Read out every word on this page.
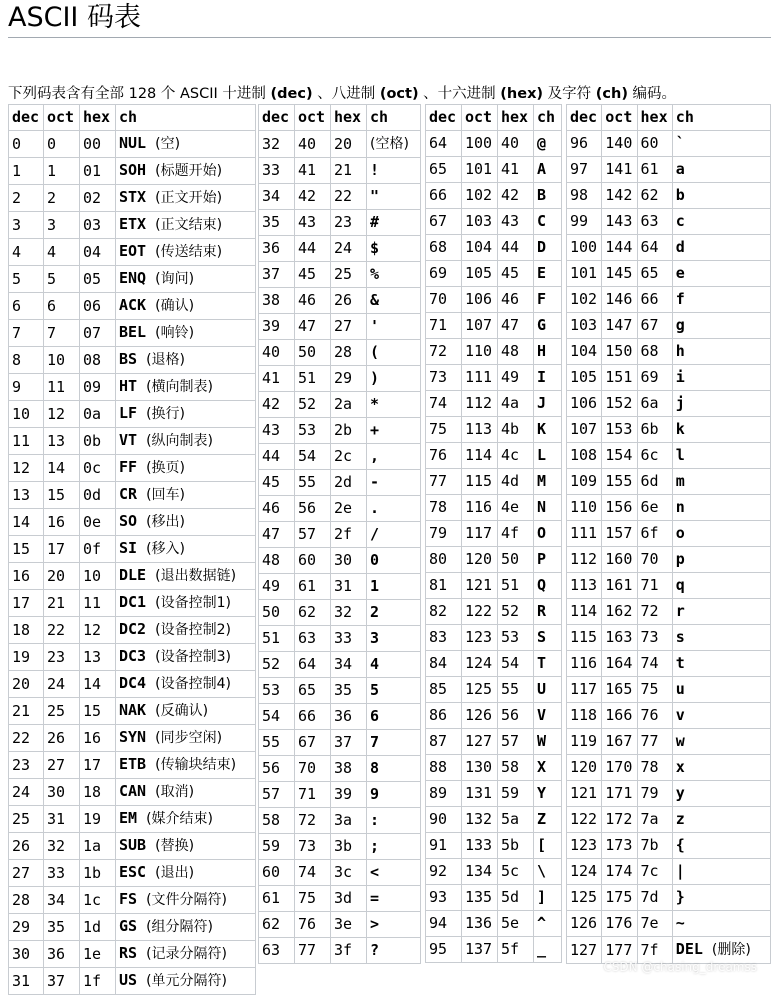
ASCII 码表

下列码表含有全部 128 个 ASCII 十进制 (dec) 、八进制 (oct) 、十六进制 (hex) 及字符 (ch) 编码。

dec	oct	hex	ch
0	0	00	NUL (空)
1	1	01	SOH (标题开始)
2	2	02	STX (正文开始)
3	3	03	ETX (正文结束)
4	4	04	EOT (传送结束)
5	5	05	ENQ (询问)
6	6	06	ACK (确认)
7	7	07	BEL (响铃)
8	10	08	BS (退格)
9	11	09	HT (横向制表)
10	12	0a	LF (换行)
11	13	0b	VT (纵向制表)
12	14	0c	FF (换页)
13	15	0d	CR (回车)
14	16	0e	SO (移出)
15	17	0f	SI (移入)
16	20	10	DLE (退出数据链)
17	21	11	DC1 (设备控制1)
18	22	12	DC2 (设备控制2)
19	23	13	DC3 (设备控制3)
20	24	14	DC4 (设备控制4)
21	25	15	NAK (反确认)
22	26	16	SYN (同步空闲)
23	27	17	ETB (传输块结束)
24	30	18	CAN (取消)
25	31	19	EM (媒介结束)
26	32	1a	SUB (替换)
27	33	1b	ESC (退出)
28	34	1c	FS (文件分隔符)
29	35	1d	GS (组分隔符)
30	36	1e	RS (记录分隔符)
31	37	1f	US (单元分隔符)
dec	oct	hex	ch
32	40	20	(空格)
33	41	21	!
34	42	22	"
35	43	23	#
36	44	24	$
37	45	25	%
38	46	26	&
39	47	27	'
40	50	28	(
41	51	29	)
42	52	2a	*
43	53	2b	+
44	54	2c	,
45	55	2d	-
46	56	2e	.
47	57	2f	/
48	60	30	0
49	61	31	1
50	62	32	2
51	63	33	3
52	64	34	4
53	65	35	5
54	66	36	6
55	67	37	7
56	70	38	8
57	71	39	9
58	72	3a	:
59	73	3b	;
60	74	3c	<
61	75	3d	=
62	76	3e	>
63	77	3f	?
dec	oct	hex	ch
64	100	40	@
65	101	41	A
66	102	42	B
67	103	43	C
68	104	44	D
69	105	45	E
70	106	46	F
71	107	47	G
72	110	48	H
73	111	49	I
74	112	4a	J
75	113	4b	K
76	114	4c	L
77	115	4d	M
78	116	4e	N
79	117	4f	O
80	120	50	P
81	121	51	Q
82	122	52	R
83	123	53	S
84	124	54	T
85	125	55	U
86	126	56	V
87	127	57	W
88	130	58	X
89	131	59	Y
90	132	5a	Z
91	133	5b	[
92	134	5c	\
93	135	5d	]
94	136	5e	^
95	137	5f	_
dec	oct	hex	ch
96	140	60	`
97	141	61	a
98	142	62	b
99	143	63	c
100	144	64	d
101	145	65	e
102	146	66	f
103	147	67	g
104	150	68	h
105	151	69	i
106	152	6a	j
107	153	6b	k
108	154	6c	l
109	155	6d	m
110	156	6e	n
111	157	6f	o
112	160	70	p
113	161	71	q
114	162	72	r
115	163	73	s
116	164	74	t
117	165	75	u
118	166	76	v
119	167	77	w
120	170	78	x
121	171	79	y
122	172	7a	z
123	173	7b	{
124	174	7c	|
125	175	7d	}
126	176	7e	~
127	177	7f	DEL (删除)
CSDN @chasing_dreamss
